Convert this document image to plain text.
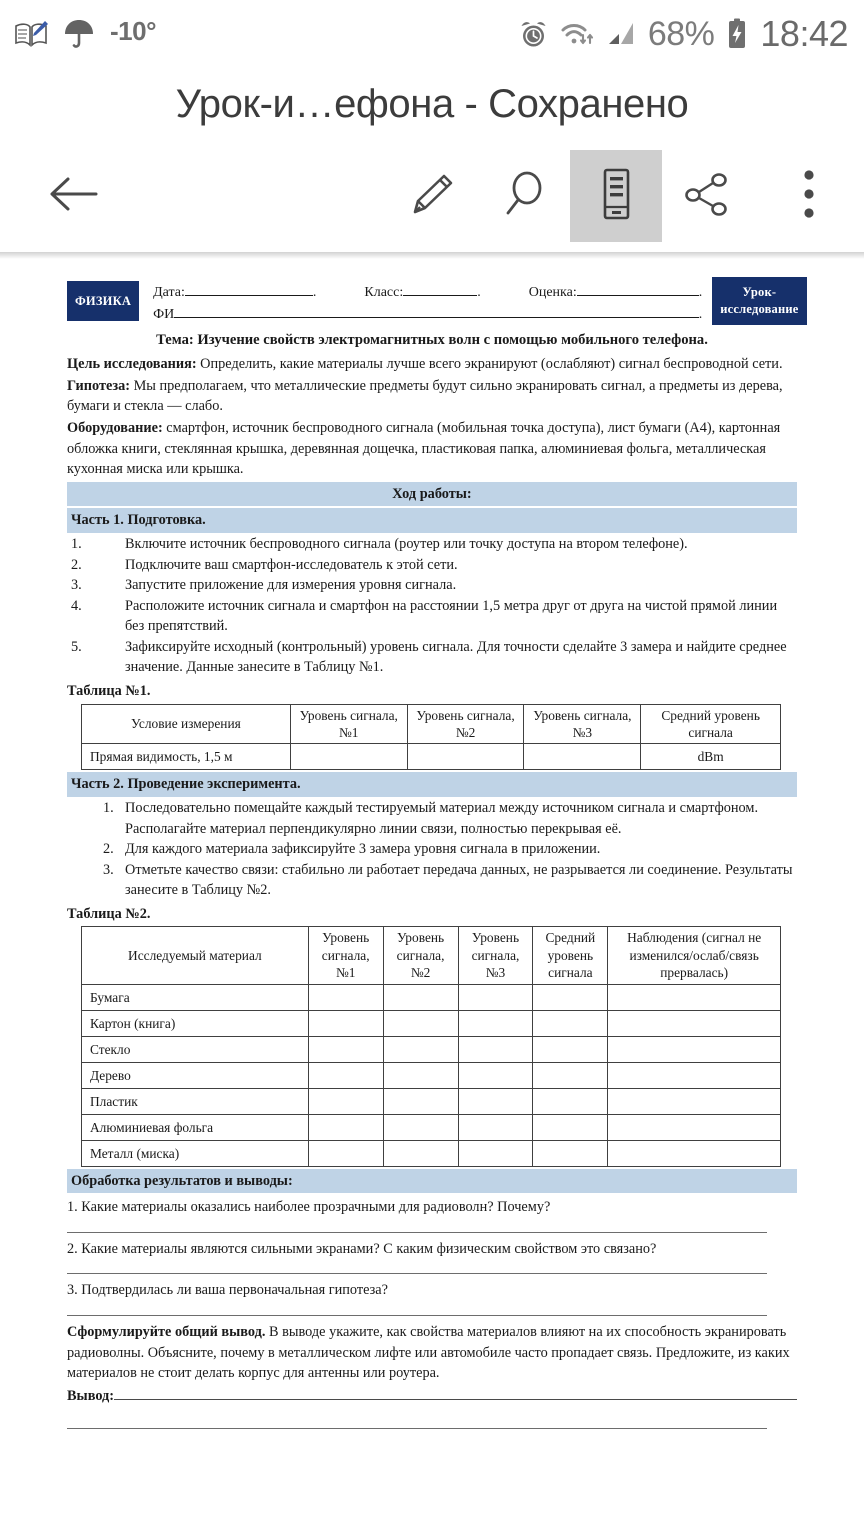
-10°	68% 18:42
Урок-и…ефона - Сохранено
ФИЗИКА
Дата:	.	Класс:	.	Оценка:	.
ФИ	.
Урок-исследование
Тема: Изучение свойств электромагнитных волн с помощью мобильного телефона.

Цель исследования: Определить, какие материалы лучше всего экранируют (ослабляют) сигнал беспроводной сети.

Гипотеза: Мы предполагаем, что металлические предметы будут сильно экранировать сигнал, а предметы из дерева, бумаги и стекла — слабо.

Оборудование: смартфон, источник беспроводного сигнала (мобильная точка доступа), лист бумаги (А4), картонная обложка книги, стеклянная крышка, деревянная дощечка, пластиковая папка, алюминиевая фольга, металлическая кухонная миска или крышка.

Ход работы:
Часть 1. Подготовка.
1.	Включите источник беспроводного сигнала (роутер или точку доступа на втором телефоне).
2.	Подключите ваш смартфон-исследователь к этой сети.
3.	Запустите приложение для измерения уровня сигнала.
4.	Расположите источник сигнала и смартфон на расстоянии 1,5 метра друг от друга на чистой прямой линии без препятствий.
5.	Зафиксируйте исходный (контрольный) уровень сигнала. Для точности сделайте 3 замера и найдите среднее значение. Данные занесите в Таблицу №1.
Таблица №1.
Условие измерения	Уровень сигнала, №1	Уровень сигнала, №2	Уровень сигнала, №3	Средний уровень сигнала
Прямая видимость, 1,5 м				dBm
Часть 2. Проведение эксперимента.
1. Последовательно помещайте каждый тестируемый материал между источником сигнала и смартфоном. Располагайте материал перпендикулярно линии связи, полностью перекрывая её.
2. Для каждого материала зафиксируйте 3 замера уровня сигнала в приложении.
3. Отметьте качество связи: стабильно ли работает передача данных, не разрывается ли соединение. Результаты занесите в Таблицу №2.
Таблица №2.
Исследуемый материал	Уровень сигнала, №1	Уровень сигнала, №2	Уровень сигнала, №3	Средний уровень сигнала	Наблюдения (сигнал не изменился/ослаб/связь прервалась)
Бумага					
Картон (книга)					
Стекло					
Дерево					
Пластик					
Алюминиевая фольга					
Металл (миска)					
Обработка результатов и выводы:
1. Какие материалы оказались наиболее прозрачными для радиоволн? Почему?
2. Какие материалы являются сильными экранами? С каким физическим свойством это связано?
3. Подтвердилась ли ваша первоначальная гипотеза?

Сформулируйте общий вывод. В выводе укажите, как свойства материалов влияют на их способность экранировать радиоволны. Объясните, почему в металлическом лифте или автомобиле часто пропадает связь. Предложите, из каких материалов не стоит делать корпус для антенны или роутера.

Вывод:
